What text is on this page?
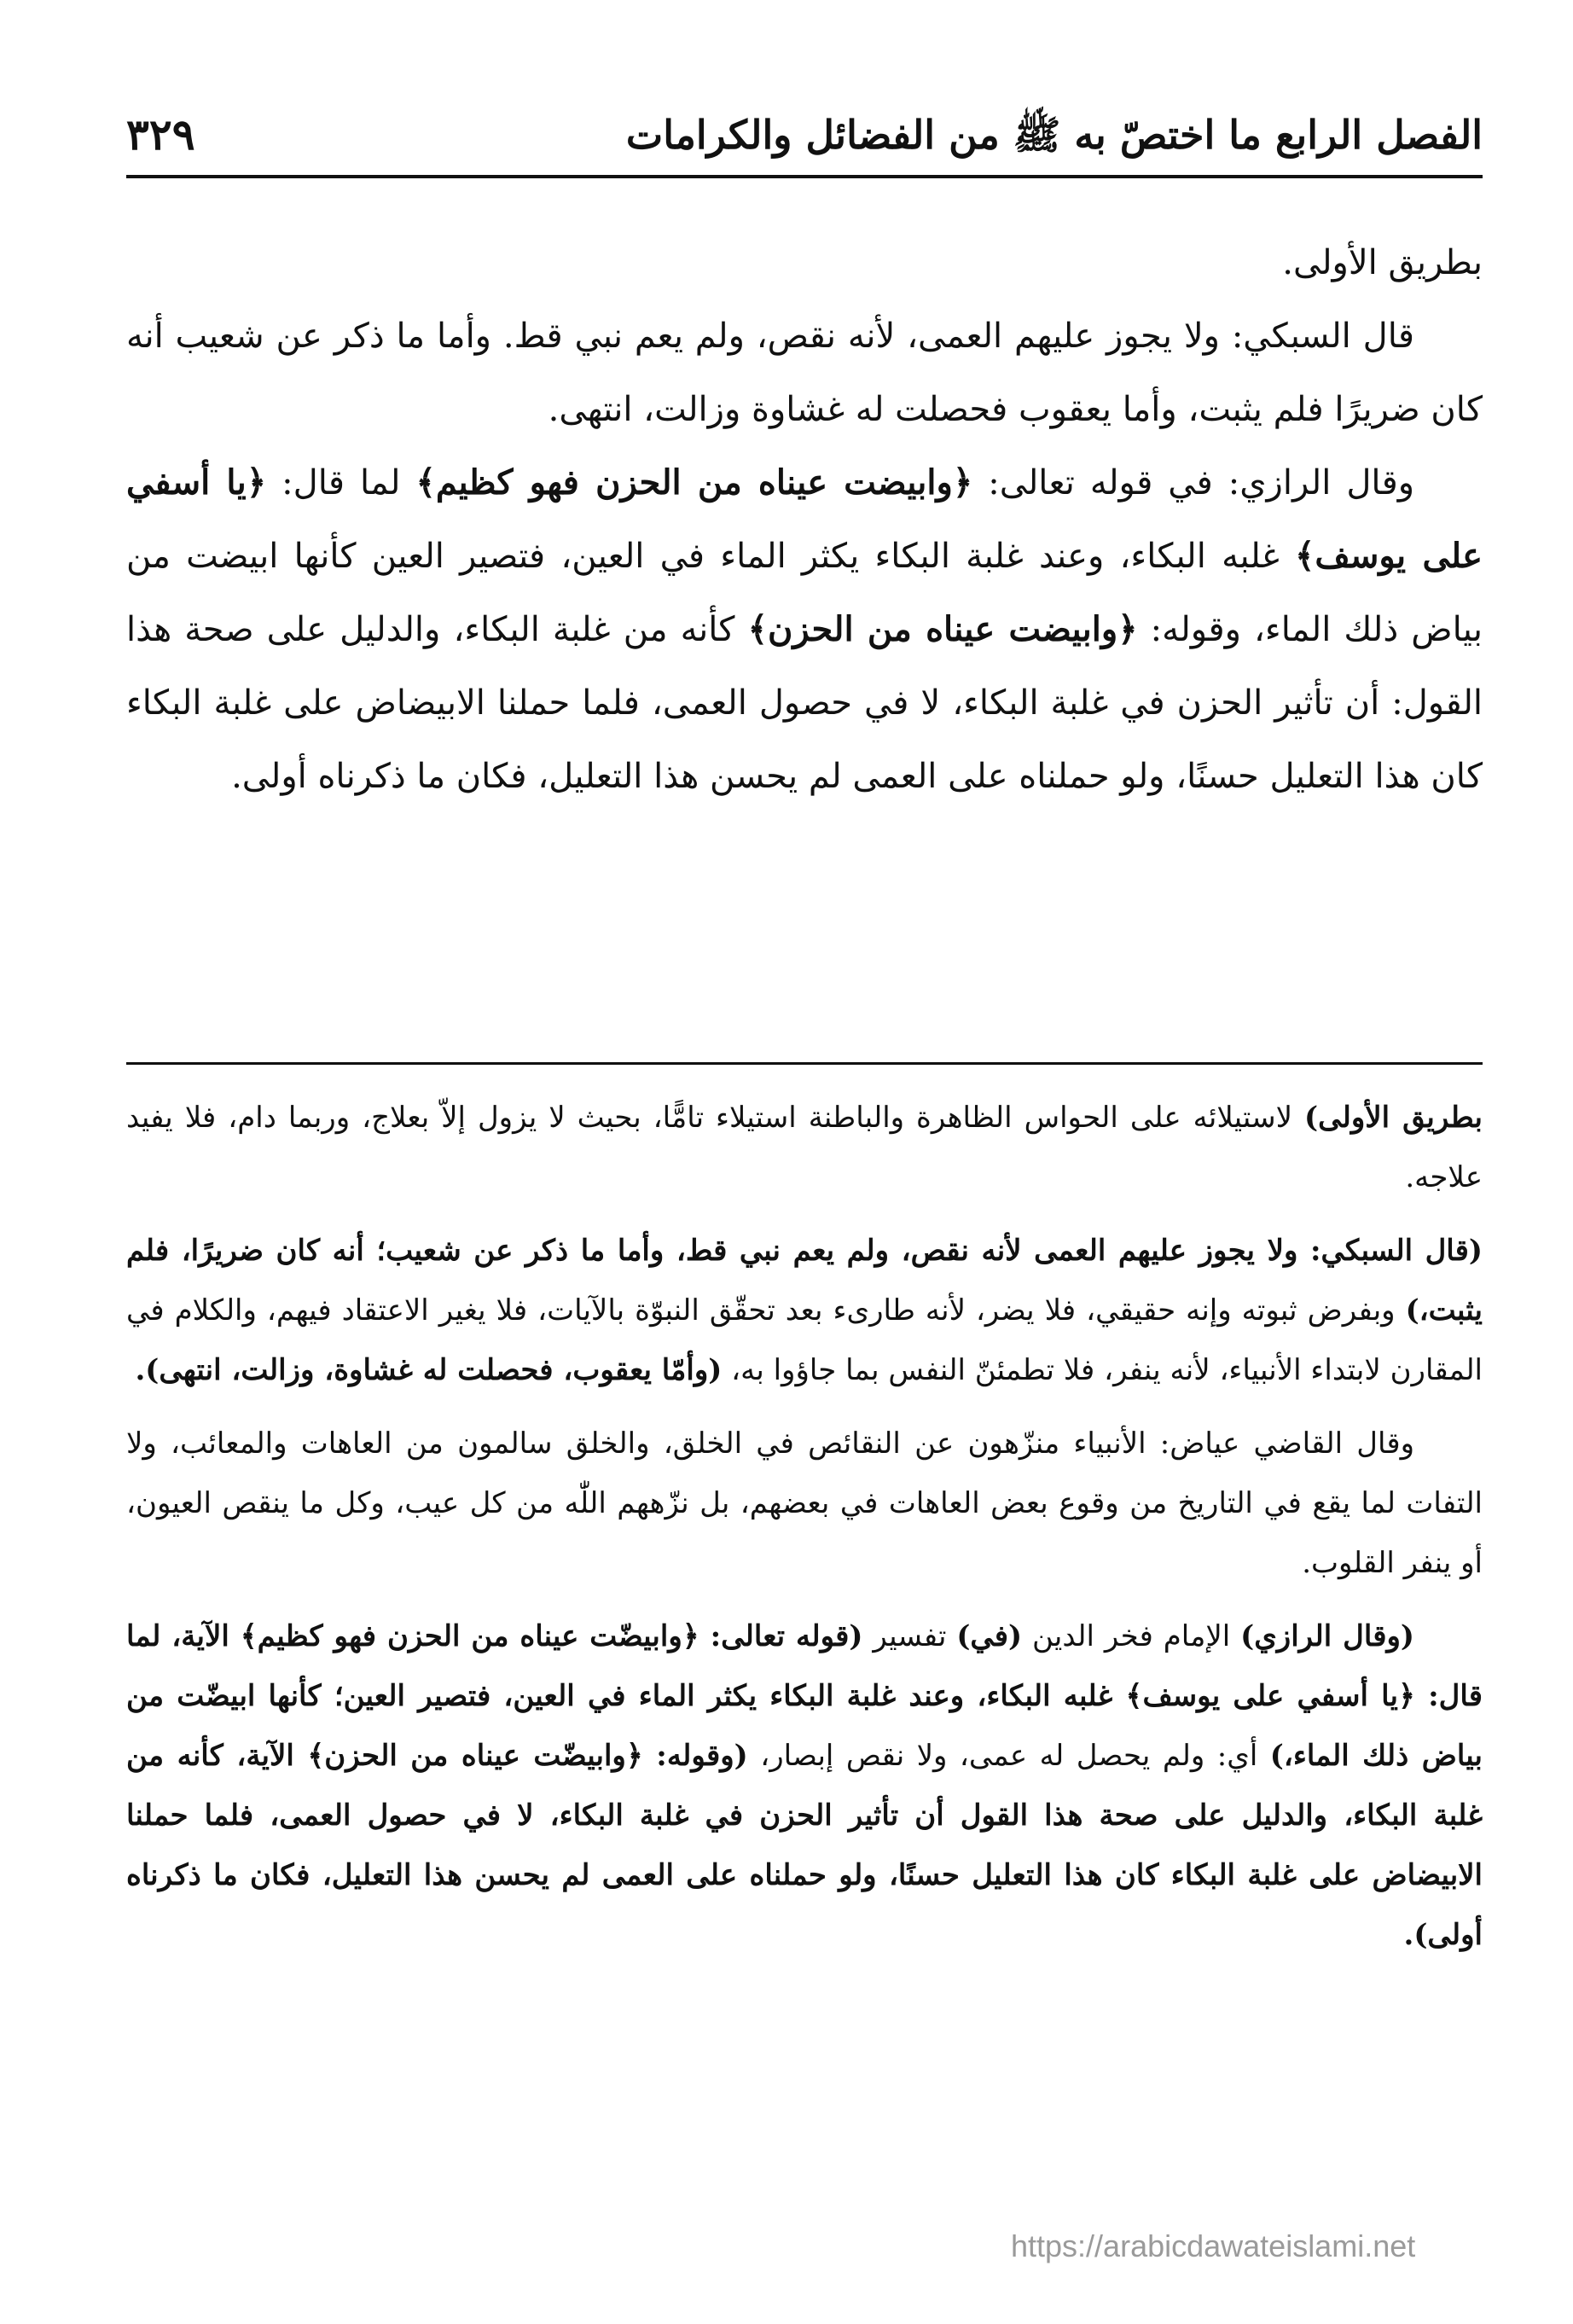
الفصل الرابع ما اختصّ به ﷺ من الفضائل والكرامات
٣٢٩

بطريق الأولى.

قال السبكي: ولا يجوز عليهم العمى، لأنه نقص، ولم يعم نبي قط. وأما ما ذكر عن شعيب أنه كان ضريرًا فلم يثبت، وأما يعقوب فحصلت له غشاوة وزالت، انتهى.

وقال الرازي: في قوله تعالى: ﴿وابيضت عيناه من الحزن فهو كظيم﴾ لما قال: ﴿يا أسفي على يوسف﴾ غلبه البكاء، وعند غلبة البكاء يكثر الماء في العين، فتصير العين كأنها ابيضت من بياض ذلك الماء، وقوله: ﴿وابيضت عيناه من الحزن﴾ كأنه من غلبة البكاء، والدليل على صحة هذا القول: أن تأثير الحزن في غلبة البكاء، لا في حصول العمى، فلما حملنا الابيضاض على غلبة البكاء كان هذا التعليل حسنًا، ولو حملناه على العمى لم يحسن هذا التعليل، فكان ما ذكرناه أولى.

بطريق الأولى) لاستيلائه على الحواس الظاهرة والباطنة استيلاء تامًّا، بحيث لا يزول إلاّ بعلاج، وربما دام، فلا يفيد علاجه.

(قال السبكي: ولا يجوز عليهم العمى لأنه نقص، ولم يعم نبي قط، وأما ما ذكر عن شعيب؛ أنه كان ضريرًا، فلم يثبت،) وبفرض ثبوته وإنه حقيقي، فلا يضر، لأنه طارىء بعد تحقّق النبوّة بالآيات، فلا يغير الاعتقاد فيهم، والكلام في المقارن لابتداء الأنبياء، لأنه ينفر، فلا تطمئنّ النفس بما جاؤوا به، (وأمّا يعقوب، فحصلت له غشاوة، وزالت، انتهى).

وقال القاضي عياض: الأنبياء منزّهون عن النقائص في الخلق، والخلق سالمون من العاهات والمعائب، ولا التفات لما يقع في التاريخ من وقوع بعض العاهات في بعضهم، بل نزّههم اللّٰه من كل عيب، وكل ما ينقص العيون، أو ينفر القلوب.

(وقال الرازي) الإمام فخر الدين (في) تفسير (قوله تعالى: ﴿وابيضّت عيناه من الحزن فهو كظيم﴾ الآية، لما قال: ﴿يا أسفي على يوسف﴾ غلبه البكاء، وعند غلبة البكاء يكثر الماء في العين، فتصير العين؛ كأنها ابيضّت من بياض ذلك الماء،) أي: ولم يحصل له عمى، ولا نقص إبصار، (وقوله: ﴿وابيضّت عيناه من الحزن﴾ الآية، كأنه من غلبة البكاء، والدليل على صحة هذا القول أن تأثير الحزن في غلبة البكاء، لا في حصول العمى، فلما حملنا الابيضاض على غلبة البكاء كان هذا التعليل حسنًا، ولو حملناه على العمى لم يحسن هذا التعليل، فكان ما ذكرناه أولى).

https://arabicdawateislami.net
